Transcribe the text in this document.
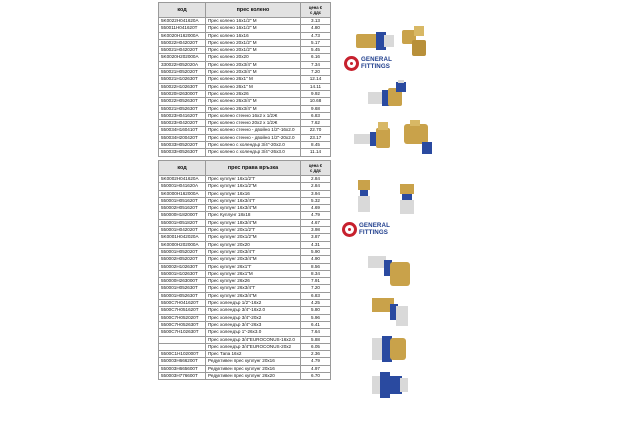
код	прес колено	цена €
с ддс
5K0022H041620A	Прес колено 16х1/2" М	3.13
550011H041620T	Прес колено 16х1/2" М	4.80
5K0020H162000A	Прес колено 16х16	4.73
550022H042020T	Прес колено 20х1/2" М	5.17
550021H042020T	Прес колено 20х1/2" М	5.45
5K0020H202000A	Прес колено 20х20	6.16
330022H052020A	Прес колено 20х3/4" М	7.34
550021H052020T	Прес колено 20х3/4" М	7.20
550021H102630T	Прес колено 26х1" М	12.14
550022H102630T	Прес колено 26х1" М	14.11
550020H263000T	Прес колено 26х26	9.92
550022H052630T	Прес колено 26х3/4" М	10.68
550021H052630T	Прес колено 26х3/4" М	9.68
550023H041620T	Прес колено стенно 16х2 х 1/2Ж	6.83
550023H042020T	Прес колено стенно 20х2 х 1/2Ж	7.62
550034H160410T	Прес колено стенно - двойно 1/2"-16х2.0	22.70
550034H200420T	Прес колено стенно - двойно 1/2"-20х2.0	23.17
550033H052020T	Прес колено с холендър 3/4"-20х2.0	8.45
550033H052630T	Прес колено с холендър 3/4"-26х3.0	11.14
код	прес права връзка	цена €
с ддс
5K0002H041620A	Прес куплунг 16х1/2"Г	2.84
550001H041620A	Прес куплунг 16х1/2"М	2.84
5K0000H162000A	Прес куплунг 16х16	3.94
550001H051620T	Прес куплунг 16х3/4"Г	5.32
550002H051620T	Прес куплунг 16х3/4"М	4.69
550000H182000T	Прес Куплунг 18х18	4.79
550001H051820T	Прес куплунг 18х3/4"М	4.67
550001H042020T	Прес куплунг 20х1/2"Г	3.98
5K0001H042020A	Прес куплунг 20х1/2"М	3.87
5K0000H202000A	Прес куплунг 20х20	4.31
550001H052020T	Прес куплунг 20х3/4"Г	5.90
550002H052020T	Прес куплунг 20х3/4"М	4.90
550002H102630T	Прес куплунг 26х1"Г	8.56
550001H102630T	Прес куплунг 26х1"М	8.34
550000H263000T	Прес куплунг 26х26	7.91
550001H052630T	Прес куплунг 26х3/4"Г	7.20
550001H052630T	Прес куплунг 26х3/4"М	6.83
5500C7H041620T	Прес холендър 1/2"-16х2	4.25
5500C7H051620T	Прес холендър 3/4"-16х2.0	5.80
5500C7H052020T	Прес холендър 3/4"-20х2	5.96
5500C7H052630T	Прес холендър 3/4"-26х3	6.41
5500C7H102630T	Прес холендър 1"-26х3.0	7.64
	Прес холендър 3/4"EUROCONUS-16х2.0	5.88
	Прес холендър 3/4"EUROCONUS-20х2	6.05
5500C1H102000T	Прес Тапа 16х2	2.36
550003H666200T	Редуктивен прес куплунг 20х16	4.79
550003H665600T	Редуктивен прес куплунг 20х16	4.97
550003H776600T	Редуктивен прес куплунг 26х20	6.70
GENERAL
FITTINGS
GENERAL
FITTINGS
